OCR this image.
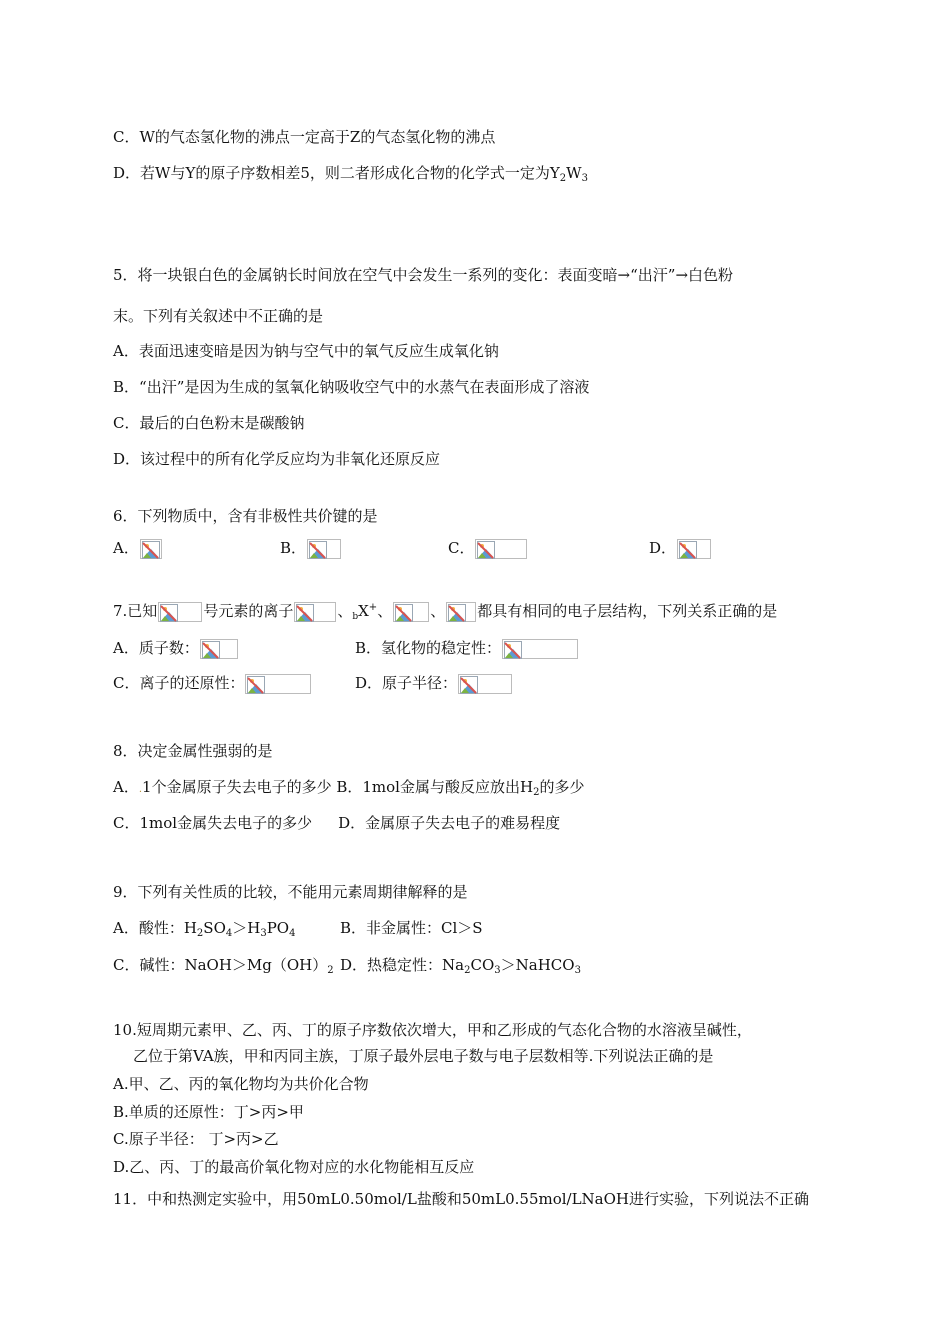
C．W的气态氢化物的沸点一定高于Z的气态氢化物的沸点
D．若W与Y的原子序数相差5，则二者形成化合物的化学式一定为$Y_2W_3$
5．将一块银白色的金属钠长时间放在空气中会发生一系列的变化：表面变暗→“出汗”→白色粉
末。下列有关叙述中不正确的是
A．表面迅速变暗是因为钠与空气中的氧气反应生成氧化钠
B．“出汗”是因为生成的氢氧化钠吸收空气中的水蒸气在表面形成了溶液
C．最后的白色粉末是碳酸钠
D．该过程中的所有化学反应均为非氧化还原反应
6．下列物质中，含有非极性共价键的是
A．	B．	C．	D．
7.已知	号元素的离子	、$_b$X+、	、 都具有相同的电子层结构，下列关系正确的是
A．质子数：	B．氢化物的稳定性：
C．离子的还原性：	D．原子半径：
8．决定金属性强弱的是
A．.1个金属原子失去电子的多少 B．1mol金属与酸反应放出$H_2$的多少
C．1mol金属失去电子的多少 D．金属原子失去电子的难易程度
9．下列有关性质的比较，不能用元素周期律解释的是
A．酸性：$H_2SO_4>H_3PO_4$	B．非金属性：Cl＞S
C．碱性：$NaOH>Mg(OH)_2$ D．热稳定性：$Na_2CO_3>NaHCO_3$
10.短周期元素甲、乙、丙、丁的原子序数依次增大，甲和乙形成的气态化合物的水溶液呈碱性，
乙位于第VA族，甲和丙同主族，丁原子最外层电子数与电子层数相等.下列说法正确的是
A.甲、乙、丙的氧化物均为共价化合物
B.单质的还原性：丁>丙>甲
C.原子半径： 丁>丙>乙
D.乙、丙、丁的最高价氧化物对应的水化物能相互反应
11．中和热测定实验中，用50mL0.50mol/L盐酸和50mL0.55mol/LNaOH进行实验，下列说法不正确
